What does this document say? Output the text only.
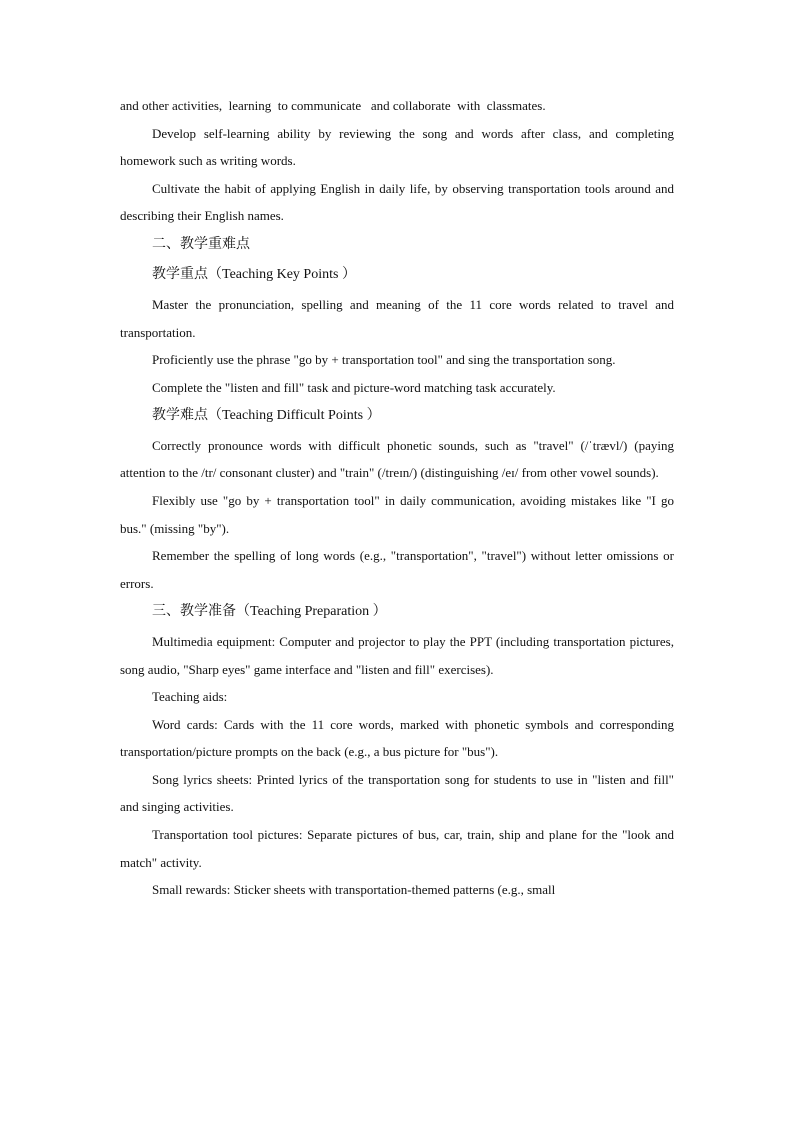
and other activities,  learning  to communicate   and collaborate  with  classmates.

Develop self-learning ability by reviewing the song and words after class, and completing homework such as writing words.

Cultivate the habit of applying English in daily life, by observing transportation tools around and describing their English names.

二、教学重难点

教学重点（Teaching Key Points ）

Master the pronunciation, spelling and meaning of the 11 core words related to travel and transportation.

Proficiently use the phrase "go by + transportation tool" and sing the transportation song.

Complete the "listen and fill" task and picture-word matching task accurately.

教学难点（Teaching Difficult Points ）

Correctly pronounce words with difficult phonetic sounds, such as "travel" (/ˈtrævl/) (paying attention to the /tr/ consonant cluster) and "train" (/treɪn/) (distinguishing /eɪ/ from other vowel sounds).

Flexibly use "go by + transportation tool" in daily communication, avoiding mistakes like "I go bus." (missing "by").

Remember the spelling of long words (e.g., "transportation", "travel") without letter omissions or errors.

三、教学准备（Teaching Preparation ）

Multimedia equipment: Computer and projector to play the PPT (including transportation pictures, song audio, "Sharp eyes" game interface and "listen and fill" exercises).

Teaching aids:

Word cards: Cards with the 11 core words, marked with phonetic symbols and corresponding transportation/picture prompts on the back (e.g., a bus picture for "bus").

Song lyrics sheets: Printed lyrics of the transportation song for students to use in "listen and fill" and singing activities.

Transportation tool pictures: Separate pictures of bus, car, train, ship and plane for the "look and match" activity.

Small rewards: Sticker sheets with transportation-themed patterns (e.g., small
